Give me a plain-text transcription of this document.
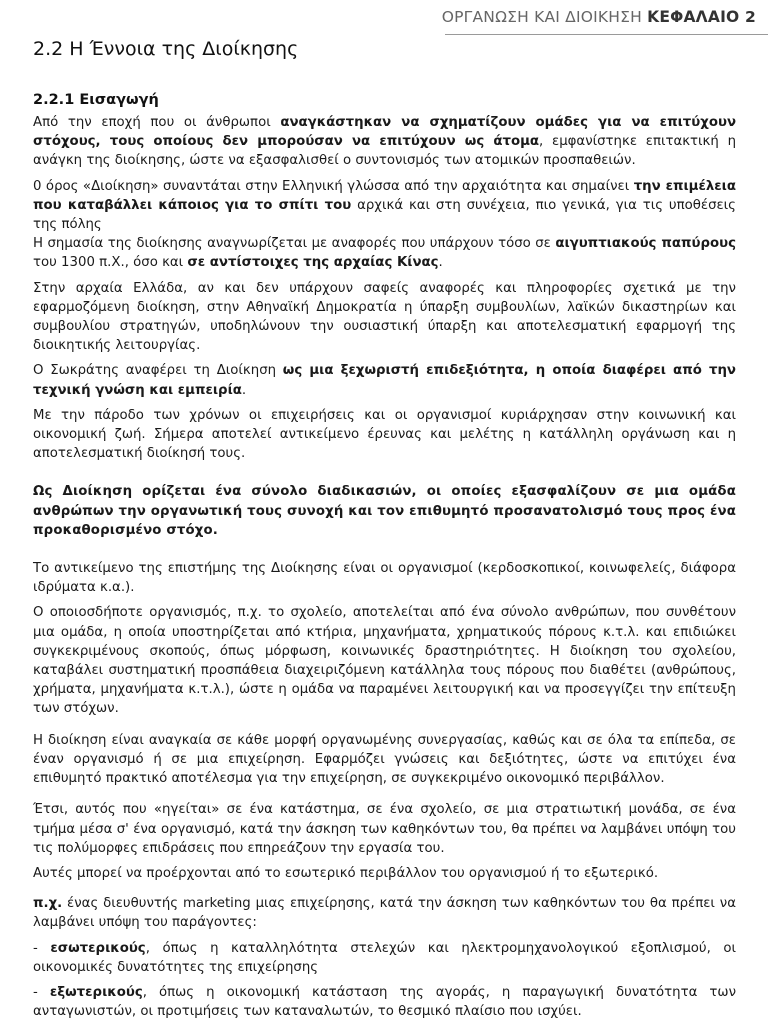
ΟΡΓΑΝΩΣΗ ΚΑΙ ΔΙΟΙΚΗΣΗ ΚΕΦΑΛΑΙΟ 2
2.2 Η Έννοια της Διοίκησης
2.2.1 Εισαγωγή

Από την εποχή που οι άνθρωποι αναγκάστηκαν να σχηματίζουν ομάδες για να επιτύχουν στόχους, τους οποίους δεν μπορούσαν να επιτύχουν ως άτομα, εμφανίστηκε επιτακτική η ανάγκη της διοίκησης, ώστε να εξασφαλισθεί ο συντονισμός των ατομικών προσπαθειών.

0 όρος «Διοίκηση» συναντάται στην Ελληνική γλώσσα από την αρχαιότητα και σημαίνει την επιμέλεια που καταβάλλει κάποιος για το σπίτι του αρχικά και στη συνέχεια, πιο γενικά, για τις υποθέσεις της πόλης

Η σημασία της διοίκησης αναγνωρίζεται με αναφορές που υπάρχουν τόσο σε αιγυπτιακούς παπύρους του 1300 π.Χ., όσο και σε αντίστοιχες της αρχαίας Κίνας.

Στην αρχαία Ελλάδα, αν και δεν υπάρχουν σαφείς αναφορές και πληροφορίες σχετικά με την εφαρμοζόμενη διοίκηση, στην Αθηναϊκή Δημοκρατία η ύπαρξη συμβουλίων, λαϊκών δικαστηρίων και συμβουλίου στρατηγών, υποδηλώνουν την ουσιαστική ύπαρξη και αποτελεσματική εφαρμογή της διοικητικής λειτουργίας.

Ο Σωκράτης αναφέρει τη Διοίκηση ως μια ξεχωριστή επιδεξιότητα, η οποία διαφέρει από την τεχνική γνώση και εμπειρία.

Με την πάροδο των χρόνων οι επιχειρήσεις και οι οργανισμοί κυριάρχησαν στην κοινωνική και οικονομική ζωή. Σήμερα αποτελεί αντικείμενο έρευνας και μελέτης η κατάλληλη οργάνωση και η αποτελεσματική διοίκησή τους.

Ως Διοίκηση ορίζεται ένα σύνολο διαδικασιών, οι οποίες εξασφαλίζουν σε μια ομάδα ανθρώπων την οργανωτική τους συνοχή και τον επιθυμητό προσανατολισμό τους προς ένα προκαθορισμένο στόχο.

Το αντικείμενο της επιστήμης της Διοίκησης είναι οι οργανισμοί (κερδοσκοπικοί, κοινωφελείς, διάφορα ιδρύματα κ.α.).

Ο οποιοσδήποτε οργανισμός, π.χ. το σχολείο, αποτελείται από ένα σύνολο ανθρώπων, που συνθέτουν μια ομάδα, η οποία υποστηρίζεται από κτήρια, μηχανήματα, χρηματικούς πόρους κ.τ.λ. και επιδιώκει συγκεκριμένους σκοπούς, όπως μόρφωση, κοινωνικές δραστηριότητες. Η διοίκηση του σχολείου, καταβάλει συστηματική προσπάθεια διαχειριζόμενη κατάλληλα τους πόρους που διαθέτει (ανθρώπους, χρήματα, μηχανήματα κ.τ.λ.), ώστε η ομάδα να παραμένει λειτουργική και να προσεγγίζει την επίτευξη των στόχων.

Η διοίκηση είναι αναγκαία σε κάθε μορφή οργανωμένης συνεργασίας, καθώς και σε όλα τα επίπεδα, σε έναν οργανισμό ή σε μια επιχείρηση. Εφαρμόζει γνώσεις και δεξιότητες, ώστε να επιτύχει ένα επιθυμητό πρακτικό αποτέλεσμα για την επιχείρηση, σε συγκεκριμένο οικονομικό περιβάλλον.

Έτσι, αυτός που «ηγείται» σε ένα κατάστημα, σε ένα σχολείο, σε μια στρατιωτική μονάδα, σε ένα τμήμα μέσα σ' ένα οργανισμό, κατά την άσκηση των καθηκόντων του, θα πρέπει να λαμβάνει υπόψη του τις πολύμορφες επιδράσεις που επηρεάζουν την εργασία του.

Αυτές μπορεί να προέρχονται από το εσωτερικό περιβάλλον του οργανισμού ή το εξωτερικό.

π.χ. ένας διευθυντής marketing μιας επιχείρησης, κατά την άσκηση των καθηκόντων του θα πρέπει να λαμβάνει υπόψη του παράγοντες:

- εσωτερικούς, όπως η καταλληλότητα στελεχών και ηλεκτρομηχανολογικού εξοπλισμού, οι οικονομικές δυνατότητες της επιχείρησης

- εξωτερικούς, όπως η οικονομική κατάσταση της αγοράς, η παραγωγική δυνατότητα των ανταγωνιστών, οι προτιμήσεις των καταναλωτών, το θεσμικό πλαίσιο που ισχύει.
